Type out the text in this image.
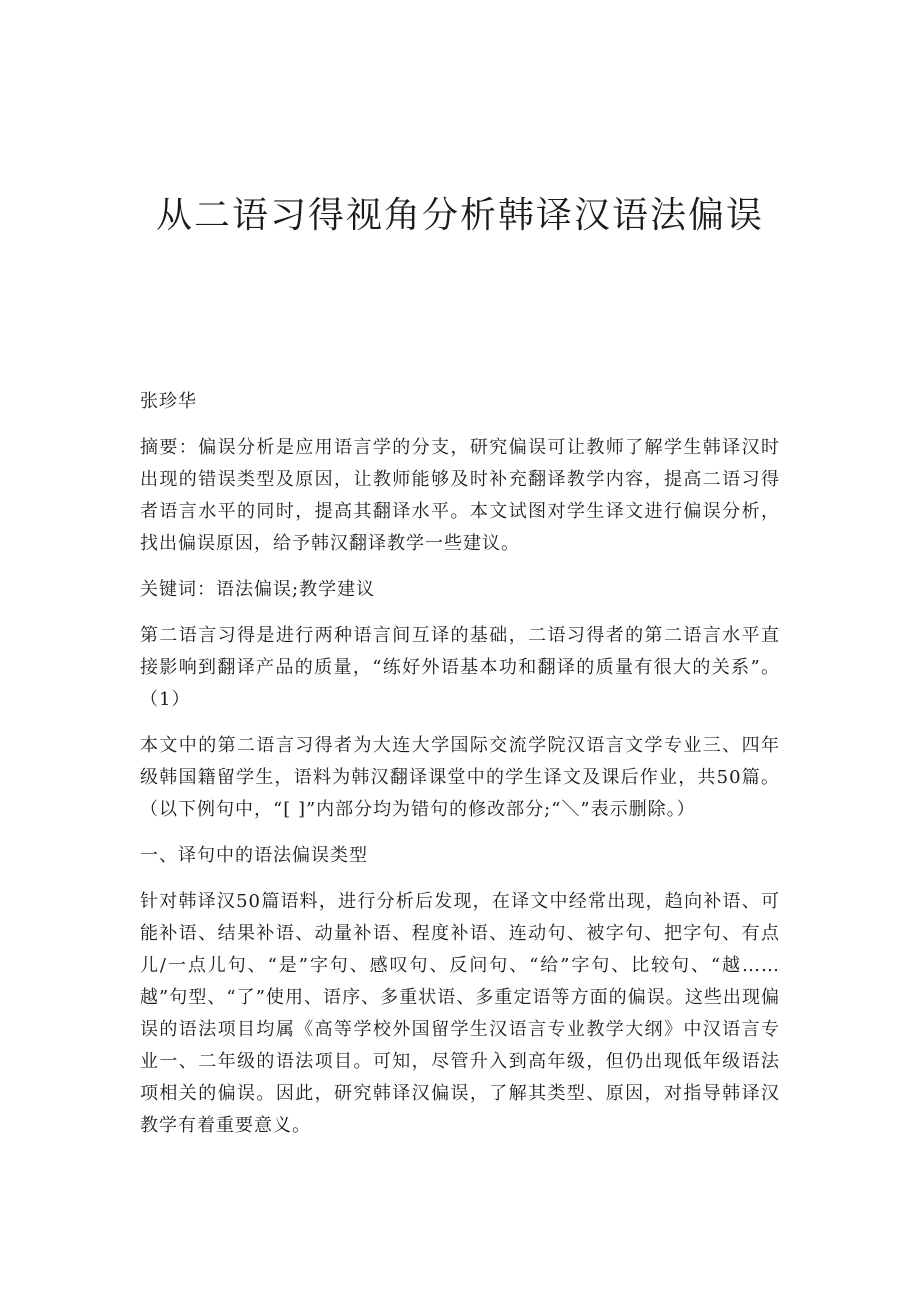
从二语习得视角分析韩译汉语法偏误

张珍华

摘要：偏误分析是应用语言学的分支，研究偏误可让教师了解学生韩译汉时出现的错误类型及原因，让教师能够及时补充翻译教学内容，提高二语习得者语言水平的同时，提高其翻译水平。本文试图对学生译文进行偏误分析，找出偏误原因，给予韩汉翻译教学一些建议。

关键词：语法偏误;教学建议

第二语言习得是进行两种语言间互译的基础，二语习得者的第二语言水平直接影响到翻译产品的质量，“练好外语基本功和翻译的质量有很大的关系”。（1）

本文中的第二语言习得者为大连大学国际交流学院汉语言文学专业三、四年级韩国籍留学生，语料为韩汉翻译课堂中的学生译文及课后作业，共50篇。（以下例句中，“[ ]”内部分均为错句的修改部分;“＼”表示删除。）

一、译句中的语法偏误类型

针对韩译汉50篇语料，进行分析后发现，在译文中经常出现，趋向补语、可能补语、结果补语、动量补语、程度补语、连动句、被字句、把字句、有点儿/一点儿句、“是”字句、感叹句、反问句、“给”字句、比较句、“越……越”句型、“了”使用、语序、多重状语、多重定语等方面的偏误。这些出现偏误的语法项目均属《高等学校外国留学生汉语言专业教学大纲》中汉语言专业一、二年级的语法项目。可知，尽管升入到高年级，但仍出现低年级语法项相关的偏误。因此，研究韩译汉偏误，了解其类型、原因，对指导韩译汉教学有着重要意义。
